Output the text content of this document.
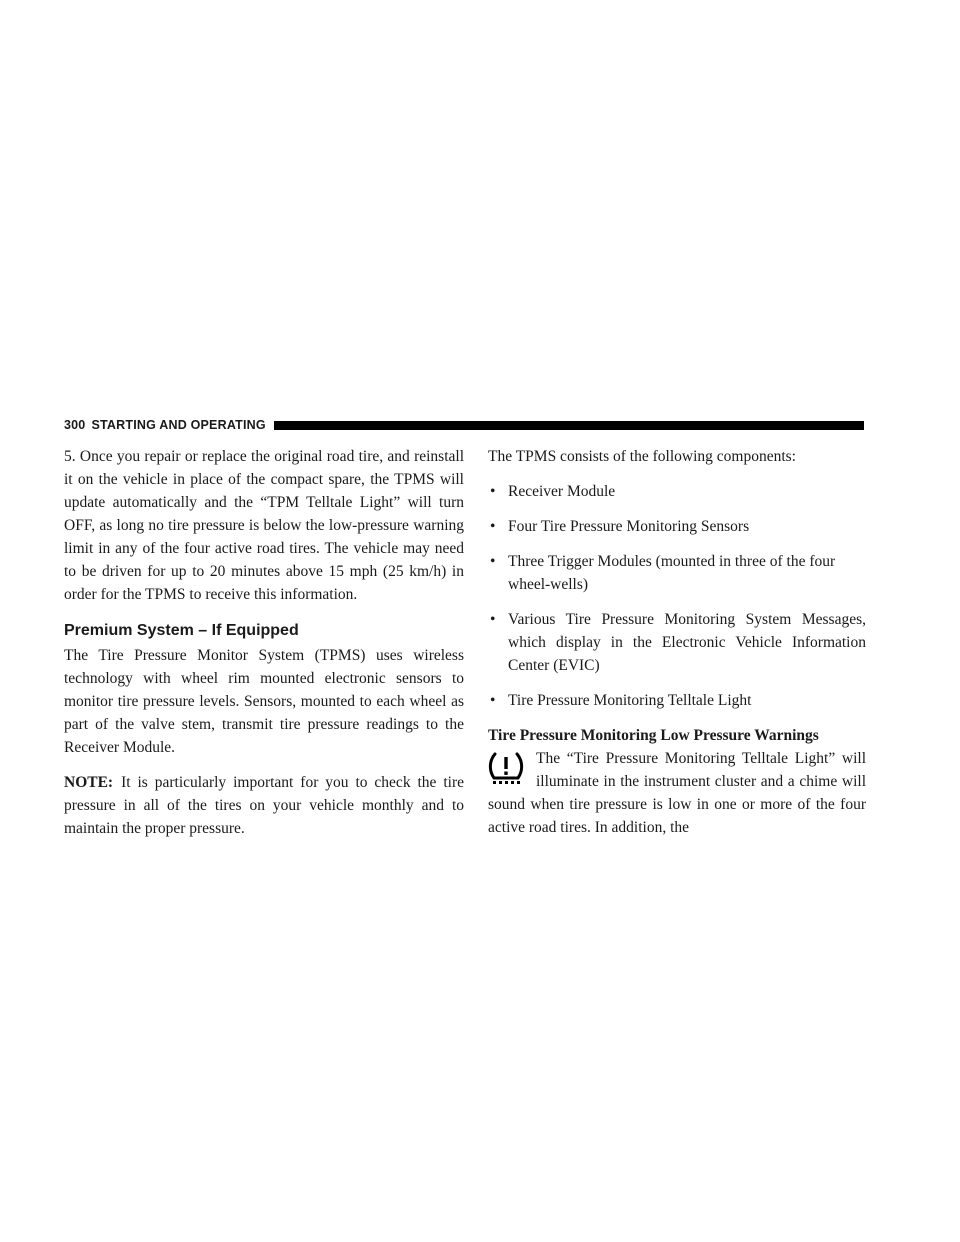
300 STARTING AND OPERATING

5. Once you repair or replace the original road tire, and reinstall it on the vehicle in place of the compact spare, the TPMS will update automatically and the “TPM Telltale Light” will turn OFF, as long no tire pressure is below the low-pressure warning limit in any of the four active road tires. The vehicle may need to be driven for up to 20 minutes above 15 mph (25 km/h) in order for the TPMS to receive this information.

Premium System – If Equipped

The Tire Pressure Monitor System (TPMS) uses wireless technology with wheel rim mounted electronic sensors to monitor tire pressure levels. Sensors, mounted to each wheel as part of the valve stem, transmit tire pressure readings to the Receiver Module.

NOTE: It is particularly important for you to check the tire pressure in all of the tires on your vehicle monthly and to maintain the proper pressure.

The TPMS consists of the following components:

• Receiver Module
• Four Tire Pressure Monitoring Sensors
• Three Trigger Modules (mounted in three of the four wheel-wells)
• Various Tire Pressure Monitoring System Messages, which display in the Electronic Vehicle Information Center (EVIC)
• Tire Pressure Monitoring Telltale Light
Tire Pressure Monitoring Low Pressure Warnings
The “Tire Pressure Monitoring Telltale Light” will illuminate in the instrument cluster and a chime will sound when tire pressure is low in one or more of the four active road tires. In addition, the
